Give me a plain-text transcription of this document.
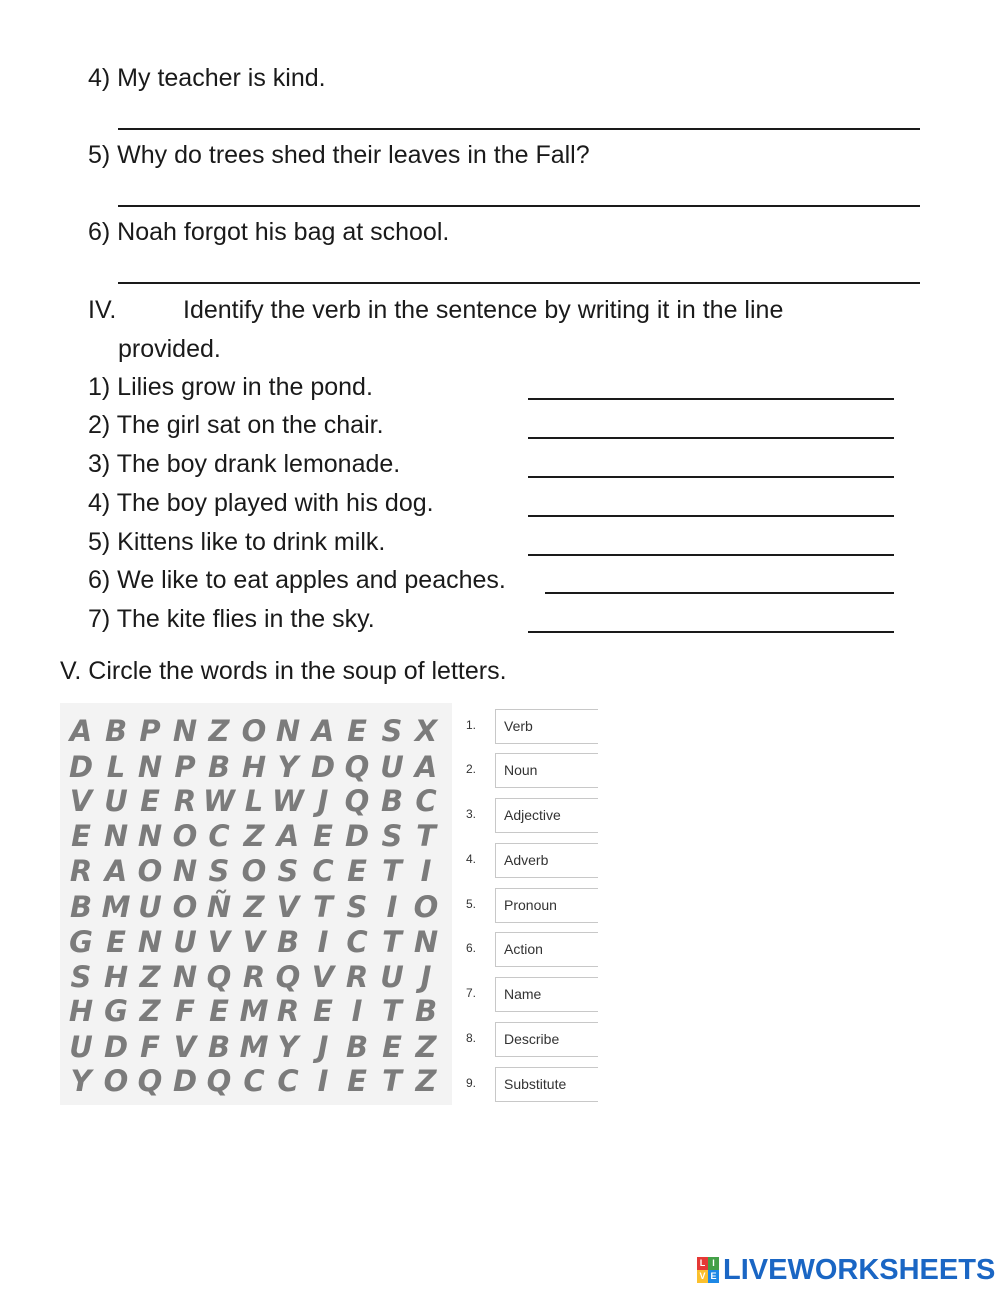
4) My teacher is kind.
5) Why do trees shed their leaves in the Fall?
6) Noah forgot his bag at school.
IV.	Identify the verb in the sentence by writing it in the line
provided.
1) Lilies grow in the pond.
2) The girl sat on the chair.
3) The boy drank lemonade.
4) The boy played with his dog.
5) Kittens like to drink milk.
6) We like to eat apples and peaches.
7) The kite flies in the sky.
V. Circle the words in the soup of letters.
A B P N Z O N A E S X
D L N P B H Y D Q U A
V U E R W L W J Q B C
E N N O C Z A E D S T
R A O N S O S C E T I
B M U O Ñ Z V T S I O
G E N U V V B I C T N
S H Z N Q R Q V R U J
H G Z F E M R E I T B
U D F V B M Y J B E Z
Y O Q D Q C C I E T Z
1.	Verb
2.	Noun
3.	Adjective
4.	Adverb
5.	Pronoun
6.	Action
7.	Name
8.	Describe
9.	Substitute
L I
V E LIVEWORKSHEETS
